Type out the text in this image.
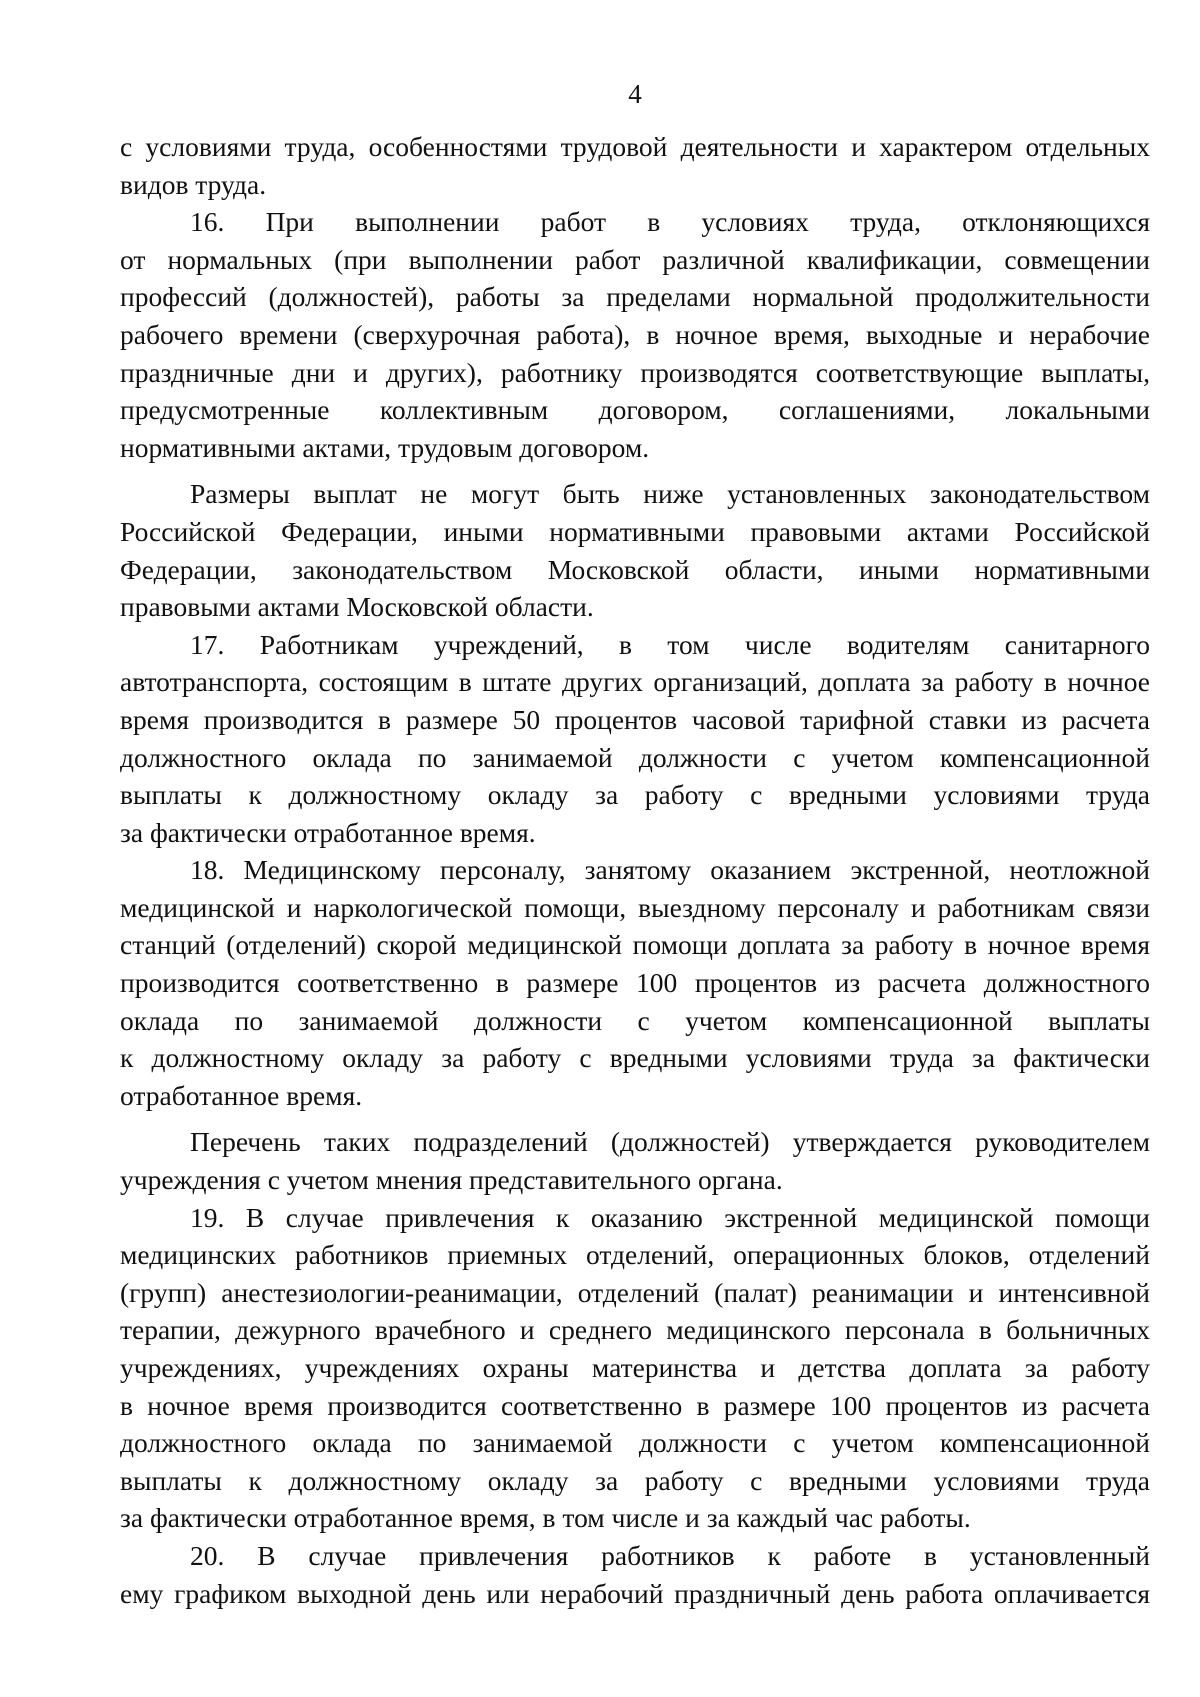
4
с условиями труда, особенностями трудовой деятельности и характером отдельных
видов труда.
16. При выполнении работ в условиях труда, отклоняющихся
от нормальных (при выполнении работ различной квалификации, совмещении
профессий (должностей), работы за пределами нормальной продолжительности
рабочего времени (сверхурочная работа), в ночное время, выходные и нерабочие
праздничные дни и других), работнику производятся соответствующие выплаты,
предусмотренные коллективным договором, соглашениями, локальными
нормативными актами, трудовым договором.
Размеры выплат не могут быть ниже установленных законодательством
Российской Федерации, иными нормативными правовыми актами Российской
Федерации, законодательством Московской области, иными нормативными
правовыми актами Московской области.
17. Работникам учреждений, в том числе водителям санитарного
автотранспорта, состоящим в штате других организаций, доплата за работу в ночное
время производится в размере 50 процентов часовой тарифной ставки из расчета
должностного оклада по занимаемой должности с учетом компенсационной
выплаты к должностному окладу за работу с вредными условиями труда
за фактически отработанное время.
18. Медицинскому персоналу, занятому оказанием экстренной, неотложной
медицинской и наркологической помощи, выездному персоналу и работникам связи
станций (отделений) скорой медицинской помощи доплата за работу в ночное время
производится соответственно в размере 100 процентов из расчета должностного
оклада по занимаемой должности с учетом компенсационной выплаты
к должностному окладу за работу с вредными условиями труда за фактически
отработанное время.
Перечень таких подразделений (должностей) утверждается руководителем
учреждения с учетом мнения представительного органа.
19. В случае привлечения к оказанию экстренной медицинской помощи
медицинских работников приемных отделений, операционных блоков, отделений
(групп) анестезиологии-реанимации, отделений (палат) реанимации и интенсивной
терапии, дежурного врачебного и среднего медицинского персонала в больничных
учреждениях, учреждениях охраны материнства и детства доплата за работу
в ночное время производится соответственно в размере 100 процентов из расчета
должностного оклада по занимаемой должности с учетом компенсационной
выплаты к должностному окладу за работу с вредными условиями труда
за фактически отработанное время, в том числе и за каждый час работы.
20. В случае привлечения работников к работе в установленный
ему графиком выходной день или нерабочий праздничный день работа оплачивается
